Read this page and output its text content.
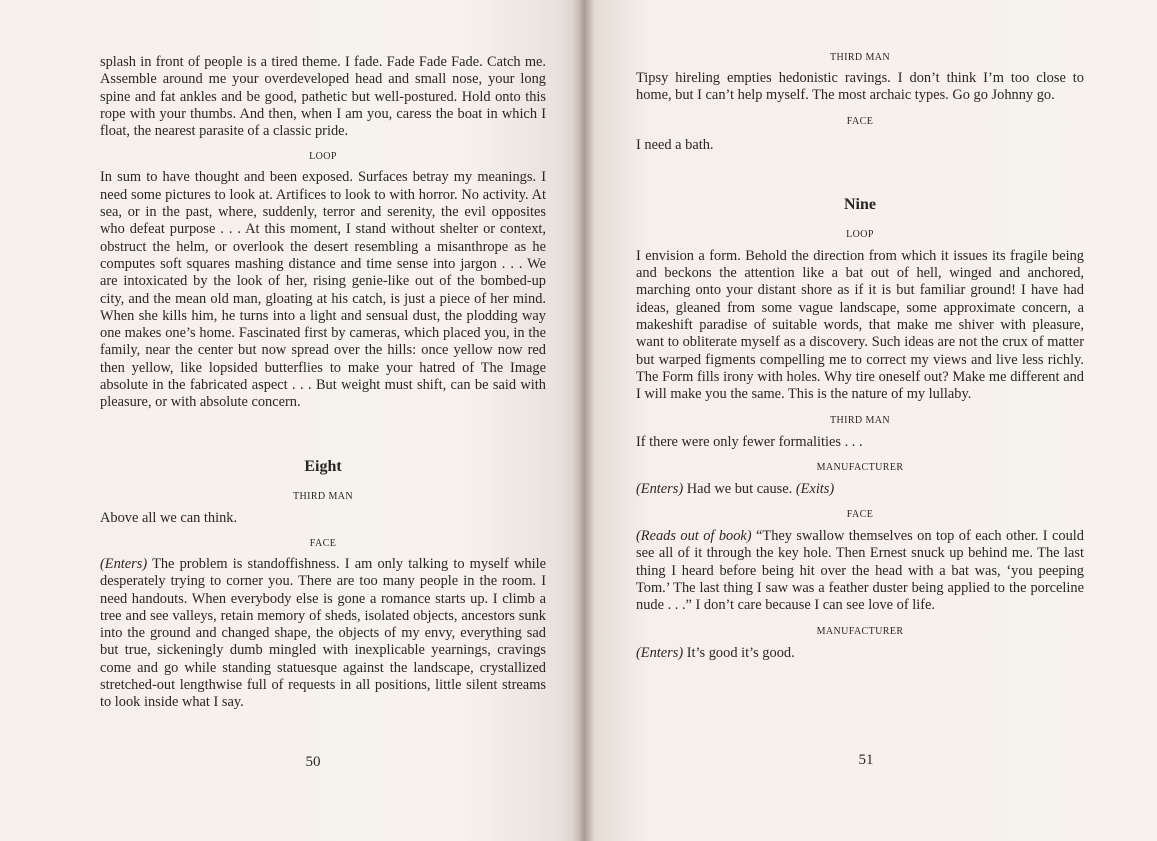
splash in front of people is a tired theme. I fade. Fade Fade Fade. Catch me. Assemble around me your overdeveloped head and small nose, your long spine and fat ankles and be good, pathetic but well-postured. Hold onto this rope with your thumbs. And then, when I am you, caress the boat in which I float, the nearest parasite of a classic pride.

LOOP

In sum to have thought and been exposed. Surfaces betray my meanings. I need some pictures to look at. Artifices to look to with horror. No activity. At sea, or in the past, where, suddenly, terror and serenity, the evil opposites who defeat purpose . . . At this moment, I stand without shelter or context, obstruct the helm, or overlook the desert resembling a misanthrope as he computes soft squares mashing distance and time sense into jargon . . . We are intoxicated by the look of her, rising genie-like out of the bombed-up city, and the mean old man, gloating at his catch, is just a piece of her mind. When she kills him, he turns into a light and sensual dust, the plodding way one makes one’s home. Fascinated first by cameras, which placed you, in the family, near the center but now spread over the hills: once yellow now red then yellow, like lopsided butterflies to make your hatred of The Image absolute in the fabricated aspect . . . But weight must shift, can be said with pleasure, or with absolute concern.

Eight

THIRD MAN

Above all we can think.

FACE

(Enters) The problem is standoffishness. I am only talking to myself while desperately trying to corner you. There are too many people in the room. I need handouts. When everybody else is gone a romance starts up. I climb a tree and see valleys, retain memory of sheds, isolated objects, ancestors sunk into the ground and changed shape, the objects of my envy, everything sad but true, sickeningly dumb mingled with inexplicable yearnings, cravings come and go while standing statuesque against the landscape, crystallized stretched-out lengthwise full of requests in all positions, little silent streams to look inside what I say.

50

THIRD MAN

Tipsy hireling empties hedonistic ravings. I don’t think I’m too close to home, but I can’t help myself. The most archaic types. Go go Johnny go.

FACE

I need a bath.

Nine

LOOP

I envision a form. Behold the direction from which it issues its fragile being and beckons the attention like a bat out of hell, winged and anchored, marching onto your distant shore as if it is but familiar ground! I have had ideas, gleaned from some vague landscape, some approximate concern, a makeshift paradise of suitable words, that make me shiver with pleasure, want to obliterate myself as a discovery. Such ideas are not the crux of matter but warped figments compelling me to correct my views and live less richly. The Form fills irony with holes. Why tire oneself out? Make me different and I will make you the same. This is the nature of my lullaby.

THIRD MAN

If there were only fewer formalities . . .

MANUFACTURER

(Enters) Had we but cause. (Exits)

FACE

(Reads out of book) “They swallow themselves on top of each other. I could see all of it through the key hole. Then Ernest snuck up behind me. The last thing I heard before being hit over the head with a bat was, ‘you peeping Tom.’ The last thing I saw was a feather duster being applied to the porceline nude . . .” I don’t care because I can see love of life.

MANUFACTURER

(Enters) It’s good it’s good.

51
